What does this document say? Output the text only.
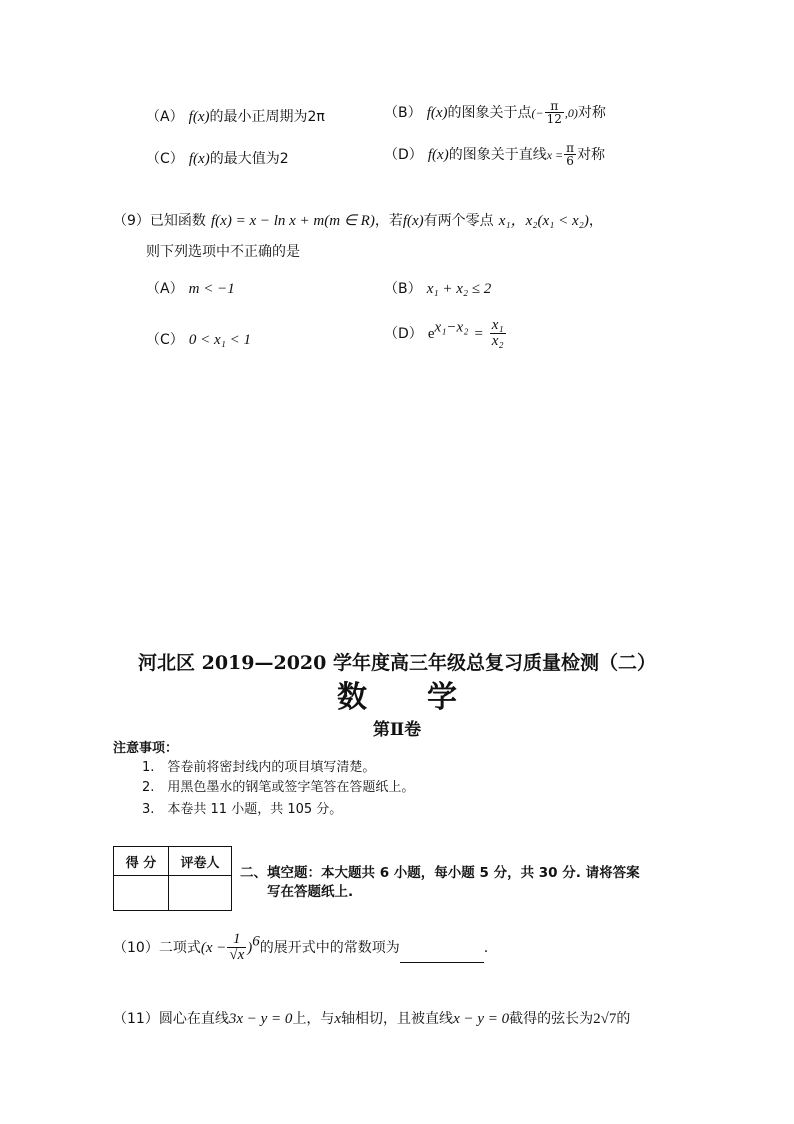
（A） f(x)的最小正周期为2π	（B） f(x)的图象关于点(− $\frac{\pi}{12} ,0$)对称
（C） f(x)的最大值为2	（D） f(x)的图象关于直线$x = \frac{\pi}{6}$ 对称
（9）已知函数 f(x) = x − ln x + m(m ∈ R)，若f(x)有两个零点 x₁，x₂(x₁ < x₂)，
则下列选项中不正确的是
（A） m < −1	（B） x₁ + x₂ ≤ 2
（C） 0 < x₁ < 1	（D） $e^{x_1-x_2} = \frac{\text{x₁}}{\text{x₂}}$
河北区 2019—2020 学年度高三年级总复习质量检测（二）
数　　学
第Ⅱ卷
注意事项：
1.　答卷前将密封线内的项目填写清楚。
2.　用黑色墨水的钢笔或签字笔答在答题纸上。
3.　本卷共 11 小题，共 105 分。
得 分	评卷人

二、填空题：本大题共 6 小题，每小题 5 分，共 30 分. 请将答案
写在答题纸上.
（10）二项式$(x - \frac{1}{√x} )^6$的展开式中的常数项为	.
（11）圆心在直线3x − y = 0上，与x轴相切，且被直线x − y = 0截得的弦长为2√7的
